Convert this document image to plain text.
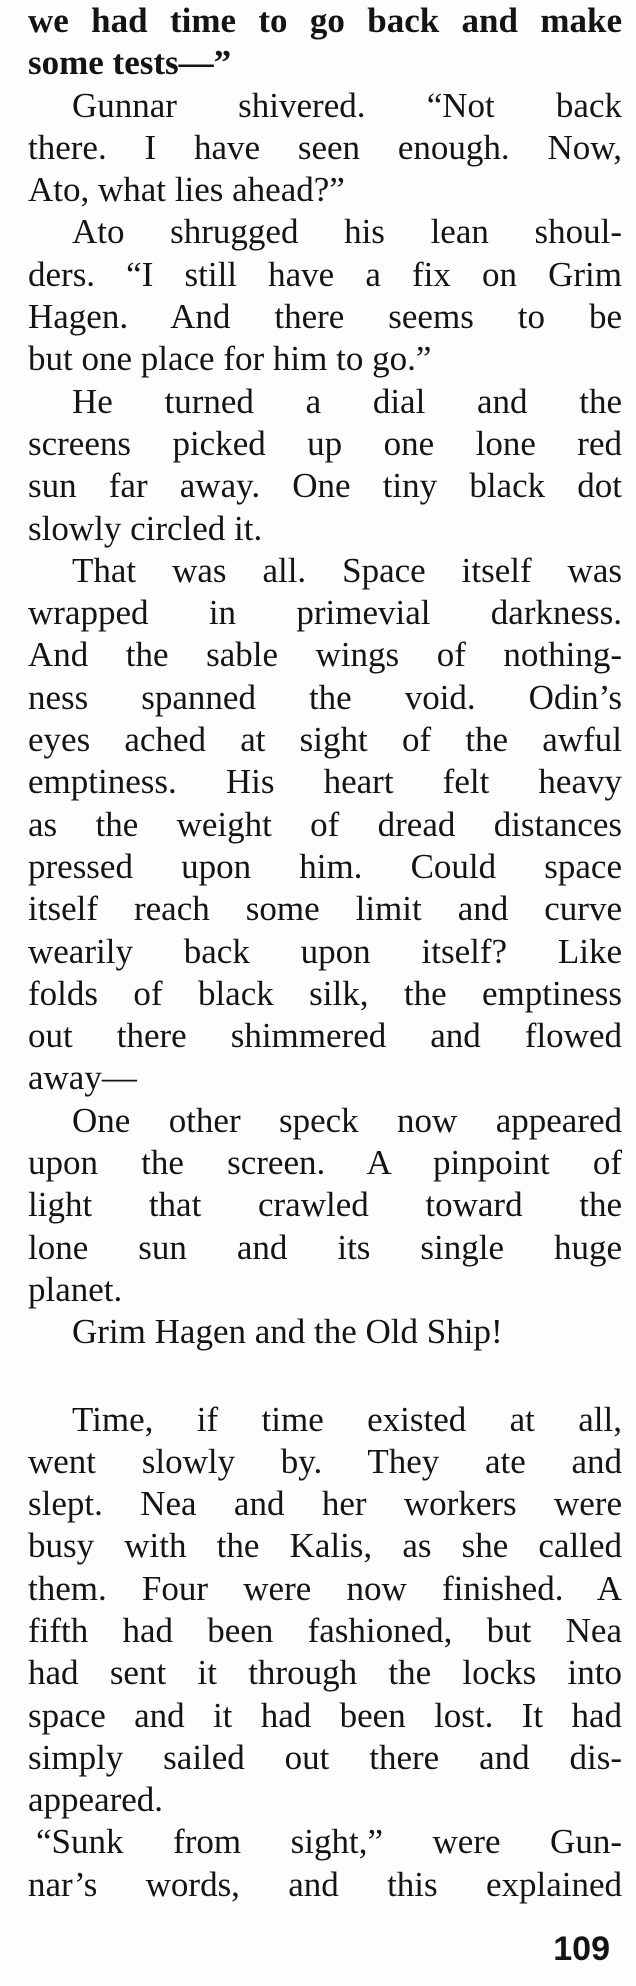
we had time to go back and make
some tests—”
Gunnar shivered. “Not back
there. I have seen enough. Now,
Ato, what lies ahead?”
Ato shrugged his lean shoul-
ders. “I still have a fix on Grim
Hagen. And there seems to be
but one place for him to go.”
He turned a dial and the
screens picked up one lone red
sun far away. One tiny black dot
slowly circled it.
That was all. Space itself was
wrapped in primevial darkness.
And the sable wings of nothing-
ness spanned the void. Odin’s
eyes ached at sight of the awful
emptiness. His heart felt heavy
as the weight of dread distances
pressed upon him. Could space
itself reach some limit and curve
wearily back upon itself? Like
folds of black silk, the emptiness
out there shimmered and flowed
away—
One other speck now appeared
upon the screen. A pinpoint of
light that crawled toward the
lone sun and its single huge
planet.
Grim Hagen and the Old Ship!
Time, if time existed at all,
went slowly by. They ate and
slept. Nea and her workers were
busy with the Kalis, as she called
them. Four were now finished. A
fifth had been fashioned, but Nea
had sent it through the locks into
space and it had been lost. It had
simply sailed out there and dis-
appeared.
“Sunk from sight,” were Gun-
nar’s words, and this explained
109
